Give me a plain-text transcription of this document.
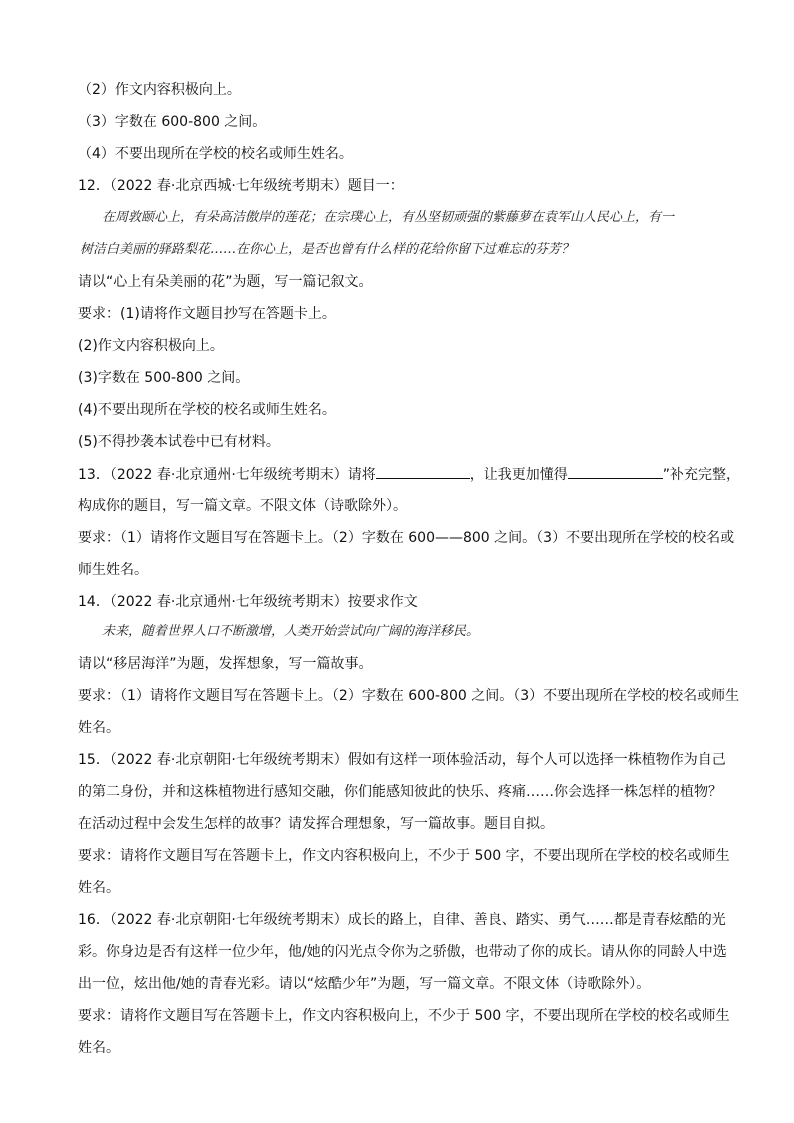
（2）作文内容积极向上。
（3）字数在 600-800 之间。
（4）不要出现所在学校的校名或师生姓名。
12．（2022 春·北京西城·七年级统考期末）题目一：
在周敦颐心上，有朵高洁傲岸的莲花；在宗璞心上，有丛坚韧顽强的紫藤萝在袁军山人民心上，有一
树洁白美丽的驿路梨花……在你心上，是否也曾有什么样的花给你留下过难忘的芬芳？
请以“心上有朵美丽的花”为题，写一篇记叙文。
要求：(1)请将作文题目抄写在答题卡上。
(2)作文内容积极向上。
(3)字数在 500-800 之间。
(4)不要出现所在学校的校名或师生姓名。
(5)不得抄袭本试卷中已有材料。
13．（2022 春·北京通州·七年级统考期末）请将	，让我更加懂得	”补充完整，
构成你的题目，写一篇文章。不限文体（诗歌除外）。
要求：（1）请将作文题目写在答题卡上。（2）字数在 600——800 之间。（3）不要出现所在学校的校名或
师生姓名。
14．（2022 春·北京通州·七年级统考期末）按要求作文
未来，随着世界人口不断激增，人类开始尝试向广阔的海洋移民。
请以“移居海洋”为题，发挥想象，写一篇故事。
要求：（1）请将作文题目写在答题卡上。（2）字数在 600-800 之间。（3）不要出现所在学校的校名或师生
姓名。
15．（2022 春·北京朝阳·七年级统考期末）假如有这样一项体验活动，每个人可以选择一株植物作为自己
的第二身份，并和这株植物进行感知交融，你们能感知彼此的快乐、疼痛……你会选择一株怎样的植物？
在活动过程中会发生怎样的故事？请发挥合理想象，写一篇故事。题目自拟。
要求：请将作文题目写在答题卡上，作文内容积极向上，不少于 500 字，不要出现所在学校的校名或师生
姓名。
16．（2022 春·北京朝阳·七年级统考期末）成长的路上，自律、善良、踏实、勇气……都是青春炫酷的光
彩。你身边是否有这样一位少年，他/她的闪光点令你为之骄傲，也带动了你的成长。请从你的同龄人中选
出一位，炫出他/她的青春光彩。请以“炫酷少年”为题，写一篇文章。不限文体（诗歌除外）。
要求：请将作文题目写在答题卡上，作文内容积极向上，不少于 500 字，不要出现所在学校的校名或师生
姓名。
